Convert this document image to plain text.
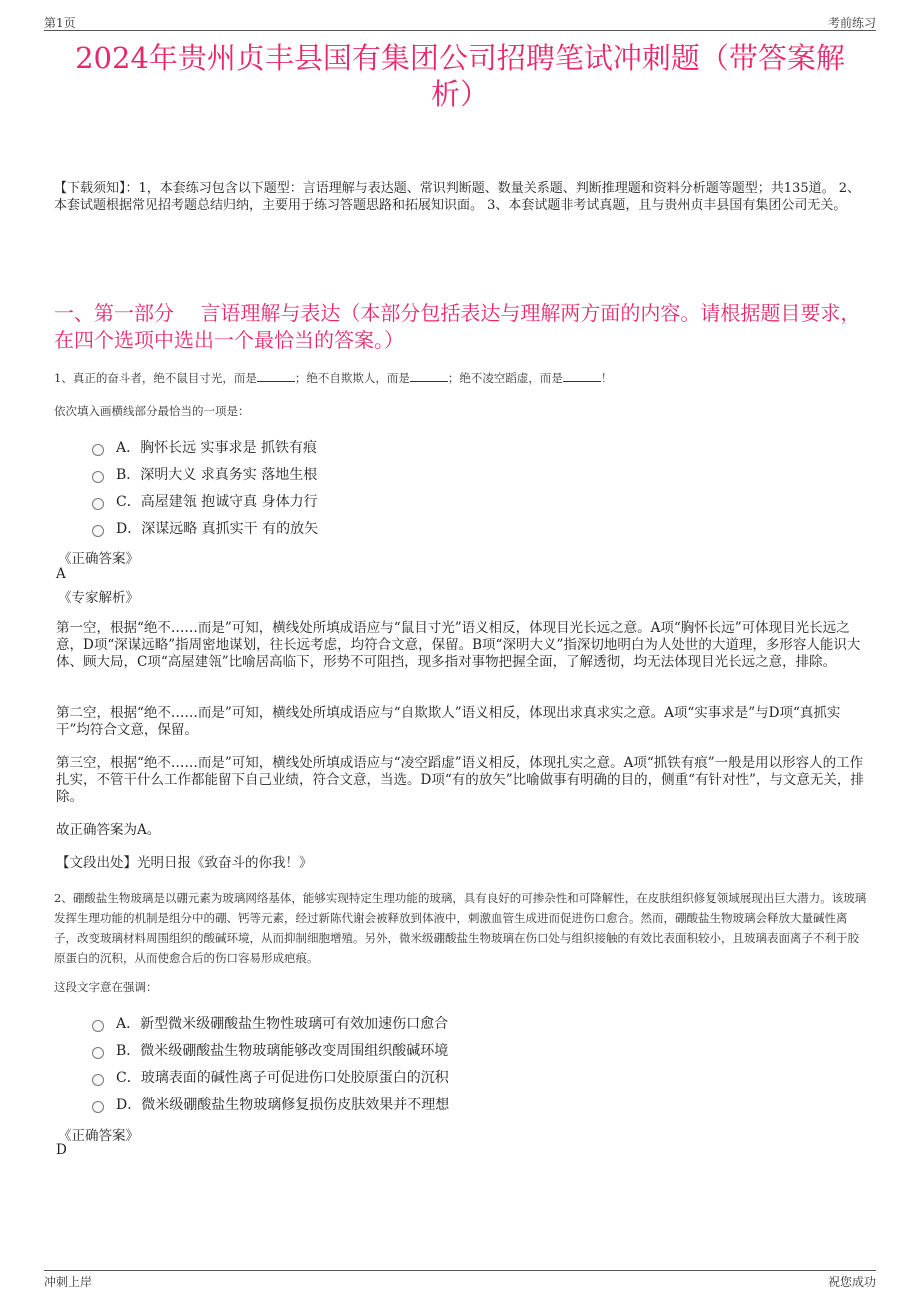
第1页	考前练习
2024年贵州贞丰县国有集团公司招聘笔试冲刺题（带答案解析）
【下载须知】：1，本套练习包含以下题型：言语理解与表达题、常识判断题、数量关系题、判断推理题和资料分析题等题型；共135道。 2、本套试题根据常见招考题总结归纳，主要用于练习答题思路和拓展知识面。 3、本套试题非考试真题，且与贵州贞丰县国有集团公司无关。
一、第一部分　 言语理解与表达（本部分包括表达与理解两方面的内容。请根据题目要求，在四个选项中选出一个最恰当的答案。）
1、真正的奋斗者，绝不鼠目寸光，而是	；绝不自欺欺人，而是	；绝不凌空蹈虚，而是	！
依次填入画横线部分最恰当的一项是：
A．胸怀长远 实事求是 抓铁有痕
B．深明大义 求真务实 落地生根
C．高屋建瓴 抱诚守真 身体力行
D．深谋远略 真抓实干 有的放矢
《正确答案》
A
《专家解析》
第一空，根据“绝不……而是”可知，横线处所填成语应与“鼠目寸光”语义相反，体现目光长远之意。A项“胸怀长远”可体现目光长远之意，D项“深谋远略”指周密地谋划，往长远考虑，均符合文意，保留。B项“深明大义”指深切地明白为人处世的大道理，多形容人能识大体、顾大局，C项“高屋建瓴”比喻居高临下，形势不可阻挡，现多指对事物把握全面，了解透彻，均无法体现目光长远之意，排除。
第二空，根据“绝不……而是”可知，横线处所填成语应与“自欺欺人”语义相反，体现出求真求实之意。A项“实事求是”与D项“真抓实干”均符合文意，保留。
第三空，根据“绝不……而是”可知，横线处所填成语应与“凌空蹈虚”语义相反，体现扎实之意。A项“抓铁有痕”一般是用以形容人的工作扎实，不管干什么工作都能留下自己业绩，符合文意，当选。D项“有的放矢”比喻做事有明确的目的，侧重“有针对性”，与文意无关，排除。
故正确答案为A。
【文段出处】光明日报《致奋斗的你我！》
2、硼酸盐生物玻璃是以硼元素为玻璃网络基体，能够实现特定生理功能的玻璃，具有良好的可掺杂性和可降解性，在皮肤组织修复领域展现出巨大潜力。该玻璃发挥生理功能的机制是组分中的硼、钙等元素，经过新陈代谢会被释放到体液中，刺激血管生成进而促进伤口愈合。然而，硼酸盐生物玻璃会释放大量碱性离子，改变玻璃材料周围组织的酸碱环境，从而抑制细胞增殖。另外，微米级硼酸盐生物玻璃在伤口处与组织接触的有效比表面积较小，且玻璃表面离子不利于胶原蛋白的沉积，从而使愈合后的伤口容易形成疤痕。
这段文字意在强调：
A．新型微米级硼酸盐生物性玻璃可有效加速伤口愈合
B．微米级硼酸盐生物玻璃能够改变周围组织酸碱环境
C．玻璃表面的碱性离子可促进伤口处胶原蛋白的沉积
D．微米级硼酸盐生物玻璃修复损伤皮肤效果并不理想
《正确答案》
D
冲刺上岸	祝您成功
